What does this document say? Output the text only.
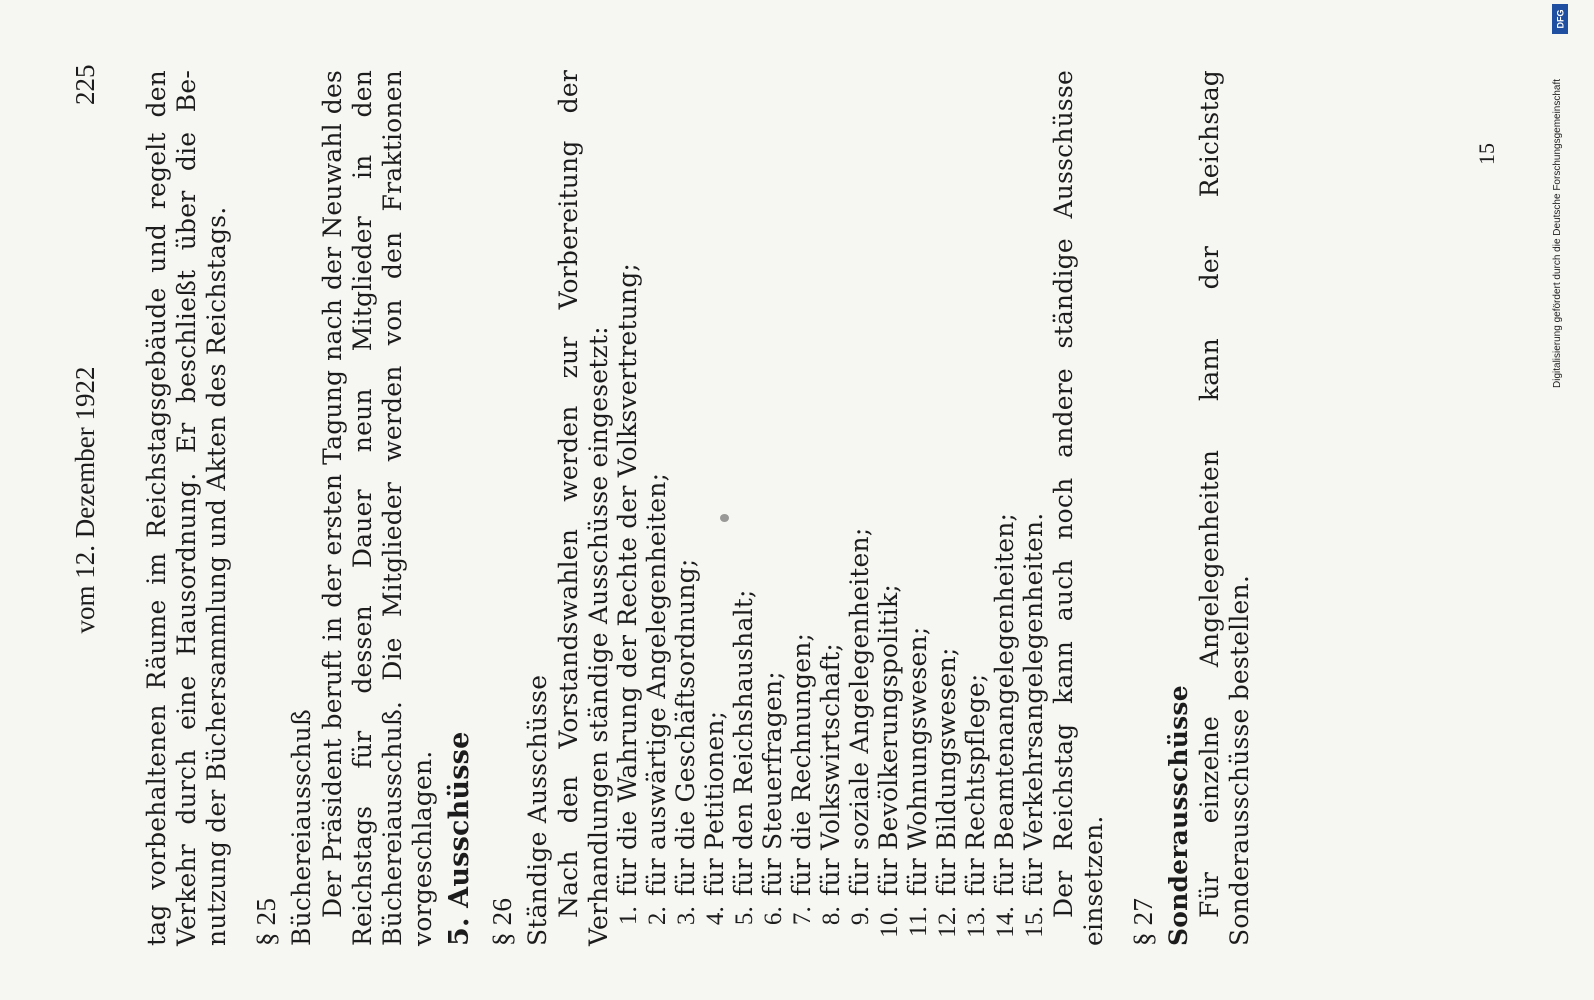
vom 12. Dezember 1922
225 tag vorbehaltenen Räume im Reichstagsgebäude und regelt den Verkehr durch eine Hausordnung. Er beschließt über die Be- nutzung der Büchersammlung und Akten des Reichstags. § 25 Büchereiausschuß Der Präsident beruft in der ersten Tagung nach der Neuwahl des Reichstags für dessen Dauer neun Mitglieder in den Büchereiausschuß. Die Mitglieder werden von den Fraktionen vorgeschlagen. 5. Ausschüsse § 26 Ständige Ausschüsse Nach den Vorstandswahlen werden zur Vorbereitung der Verhandlungen ständige Ausschüsse eingesetzt: 1.für die Wahrung der Rechte der Volksvertretung;
2.für auswärtige Angelegenheiten;
3.für die Geschäftsordnung;
4.für Petitionen;
5.für den Reichshaushalt;
6.für Steuerfragen;
7.für die Rechnungen;
8.für Volkswirtschaft;
9.für soziale Angelegenheiten;
10.für Bevölkerungspolitik;
11.für Wohnungswesen;
12.für Bildungswesen;
13.für Rechtspflege;
14.für Beamtenangelegenheiten;
15.für Verkehrsangelegenheiten. Der Reichstag kann auch noch andere ständige Ausschüsse einsetzen. § 27 Sonderausschüsse Für einzelne Angelegenheiten kann der Reichstag Sonderausschüsse bestellen.

15
DFG
Digitalisierung gefördert durch die Deutsche Forschungsgemeinschaft
